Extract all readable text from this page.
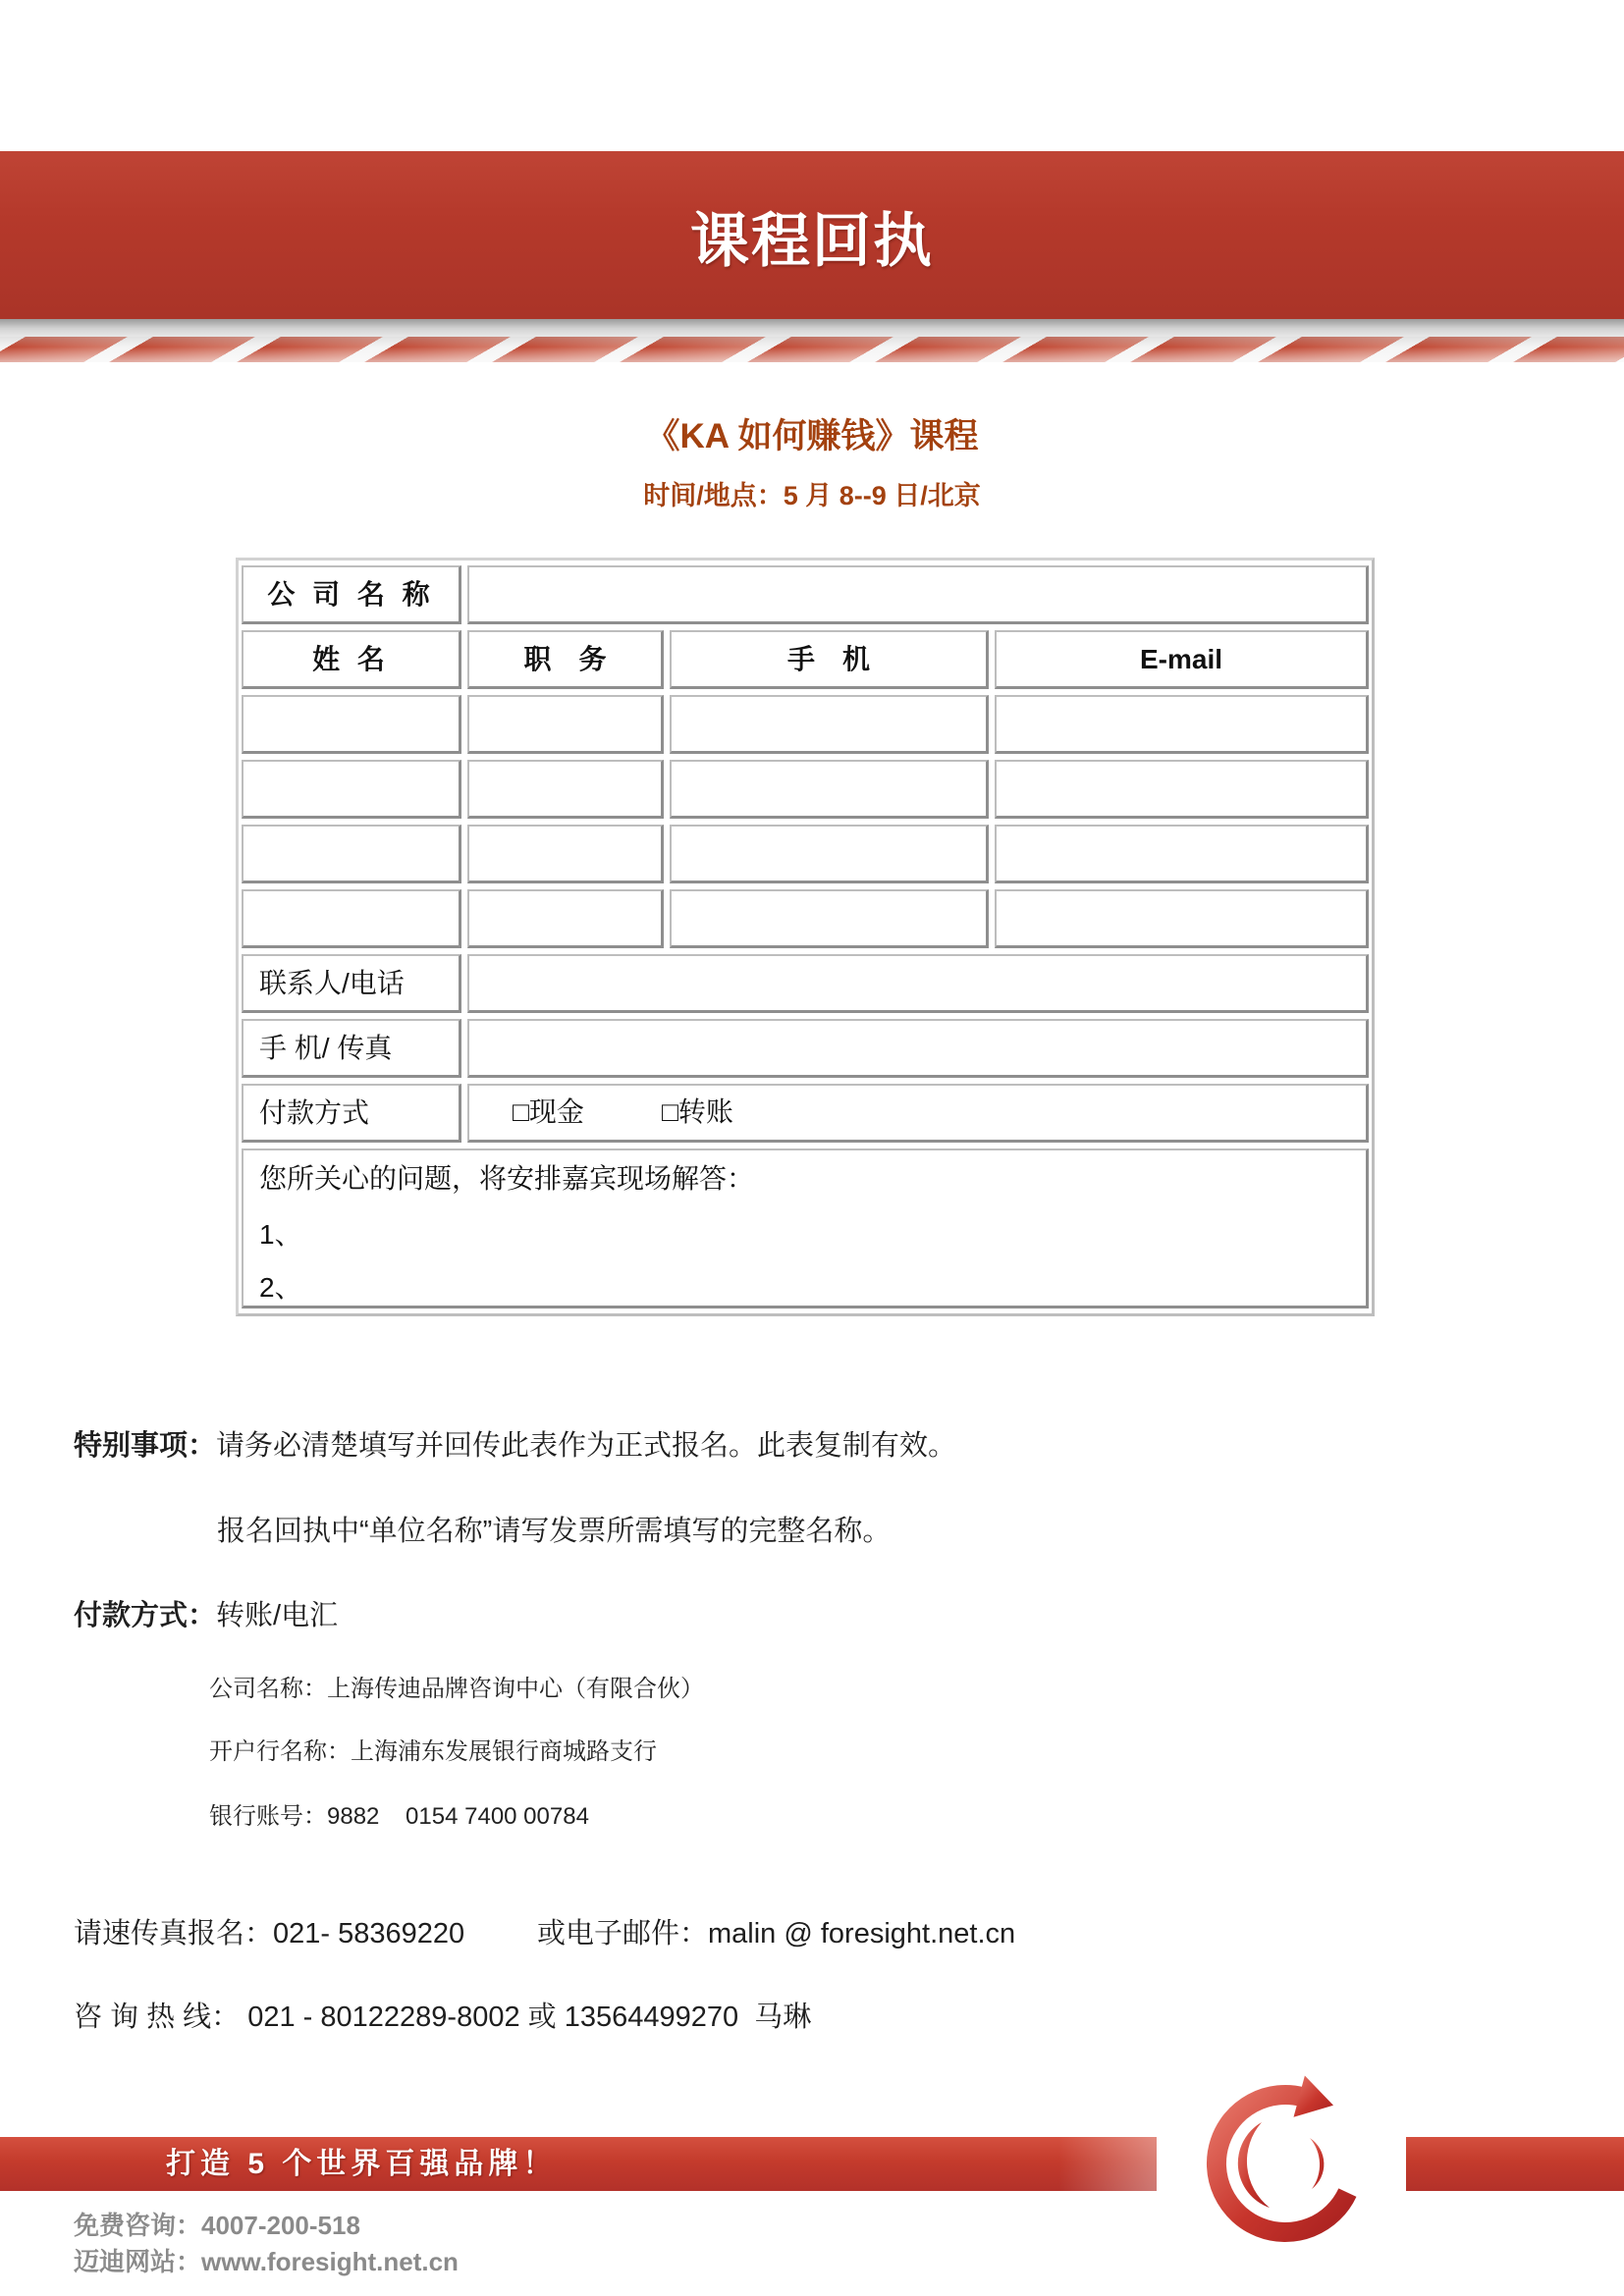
课程回执
《KA 如何赚钱》课程
时间/地点：5 月 8--9 日/北京
公 司 名 称
姓 名	职　务	手　机	E-mail
联系人/电话
手 机/ 传真
付款方式	□现金	□转账

您所关心的问题，将安排嘉宾现场解答：

1、

2、

特别事项：请务必清楚填写并回传此表作为正式报名。此表复制有效。
报名回执中“单位名称”请写发票所需填写的完整名称。
付款方式：转账/电汇
公司名称：上海传迪品牌咨询中心（有限合伙）
开户行名称：上海浦东发展银行商城路支行
银行账号：9882    0154 7400 00784
请速传真报名：021- 58369220	或电子邮件：malin @ foresight.net.cn
咨 询 热 线： 021 - 80122289-8002 或 13564499270  马琳
打造 5 个世界百强品牌！
免费咨询：4007-200-518
迈迪网站：www.foresight.net.cn
